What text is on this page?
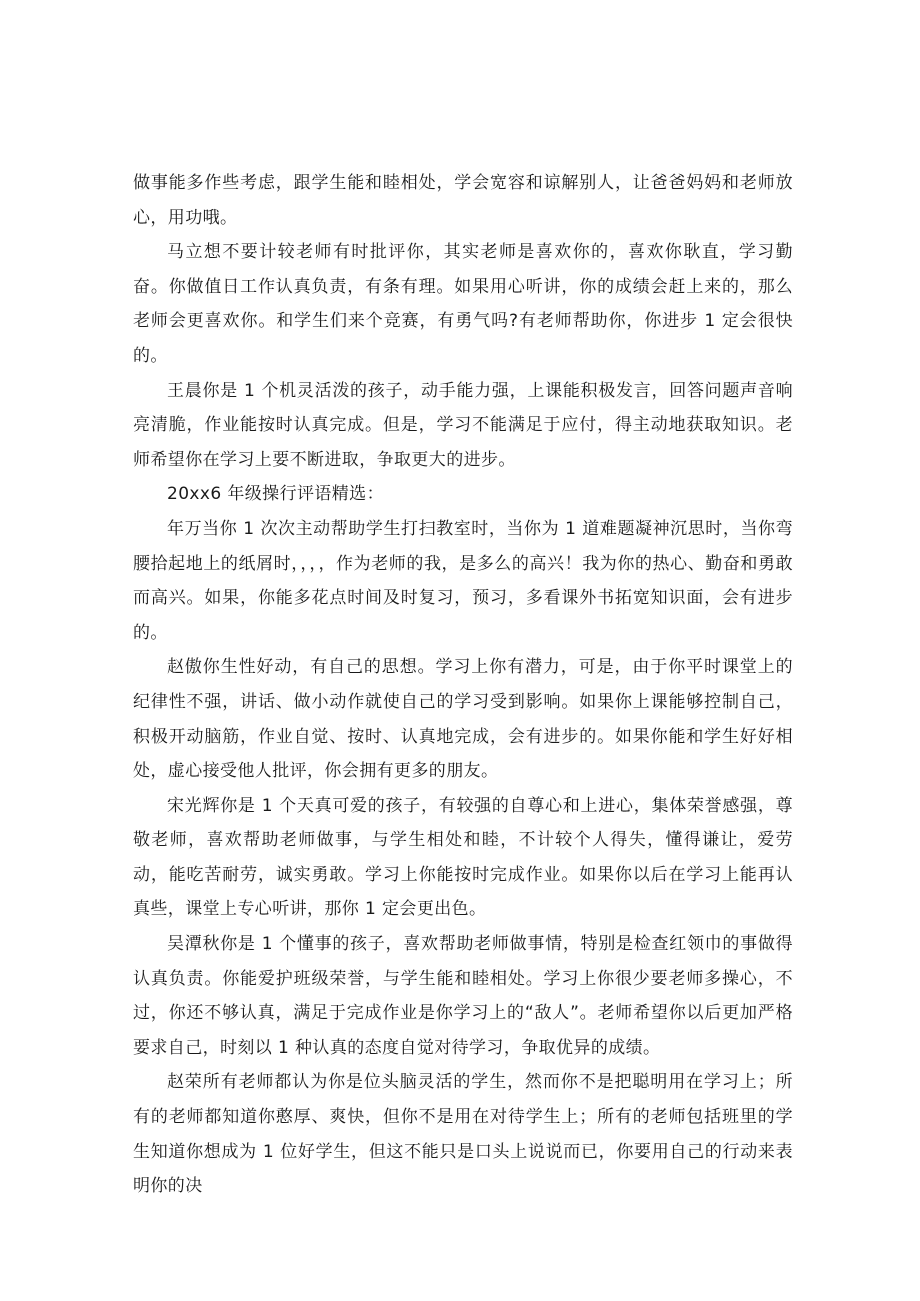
做事能多作些考虑，跟学生能和睦相处，学会宽容和谅解别人，让爸爸妈妈和老师放心，用功哦。

马立想不要计较老师有时批评你，其实老师是喜欢你的，喜欢你耿直，学习勤奋。你做值日工作认真负责，有条有理。如果用心听讲，你的成绩会赶上来的，那么老师会更喜欢你。和学生们来个竞赛，有勇气吗?有老师帮助你，你进步 1 定会很快的。

王晨你是 1 个机灵活泼的孩子，动手能力强，上课能积极发言，回答问题声音响亮清脆，作业能按时认真完成。但是，学习不能满足于应付，得主动地获取知识。老师希望你在学习上要不断进取，争取更大的进步。

20xx6 年级操行评语精选：

年万当你 1 次次主动帮助学生打扫教室时，当你为 1 道难题凝神沉思时，当你弯腰拾起地上的纸屑时，，，，作为老师的我，是多么的高兴！我为你的热心、勤奋和勇敢而高兴。如果，你能多花点时间及时复习，预习，多看课外书拓宽知识面，会有进步的。

赵傲你生性好动，有自己的思想。学习上你有潜力，可是，由于你平时课堂上的纪律性不强，讲话、做小动作就使自己的学习受到影响。如果你上课能够控制自己，积极开动脑筋，作业自觉、按时、认真地完成，会有进步的。如果你能和学生好好相处，虚心接受他人批评，你会拥有更多的朋友。

宋光辉你是 1 个天真可爱的孩子，有较强的自尊心和上进心，集体荣誉感强，尊敬老师，喜欢帮助老师做事，与学生相处和睦，不计较个人得失，懂得谦让，爱劳动，能吃苦耐劳，诚实勇敢。学习上你能按时完成作业。如果你以后在学习上能再认真些，课堂上专心听讲，那你 1 定会更出色。

吴潭秋你是 1 个懂事的孩子，喜欢帮助老师做事情，特别是检查红领巾的事做得认真负责。你能爱护班级荣誉，与学生能和睦相处。学习上你很少要老师多操心，不过，你还不够认真，满足于完成作业是你学习上的“敌人”。老师希望你以后更加严格要求自己，时刻以 1 种认真的态度自觉对待学习，争取优异的成绩。

赵荣所有老师都认为你是位头脑灵活的学生，然而你不是把聪明用在学习上；所有的老师都知道你憨厚、爽快，但你不是用在对待学生上；所有的老师包括班里的学生知道你想成为 1 位好学生，但这不能只是口头上说说而已，你要用自己的行动来表明你的决
